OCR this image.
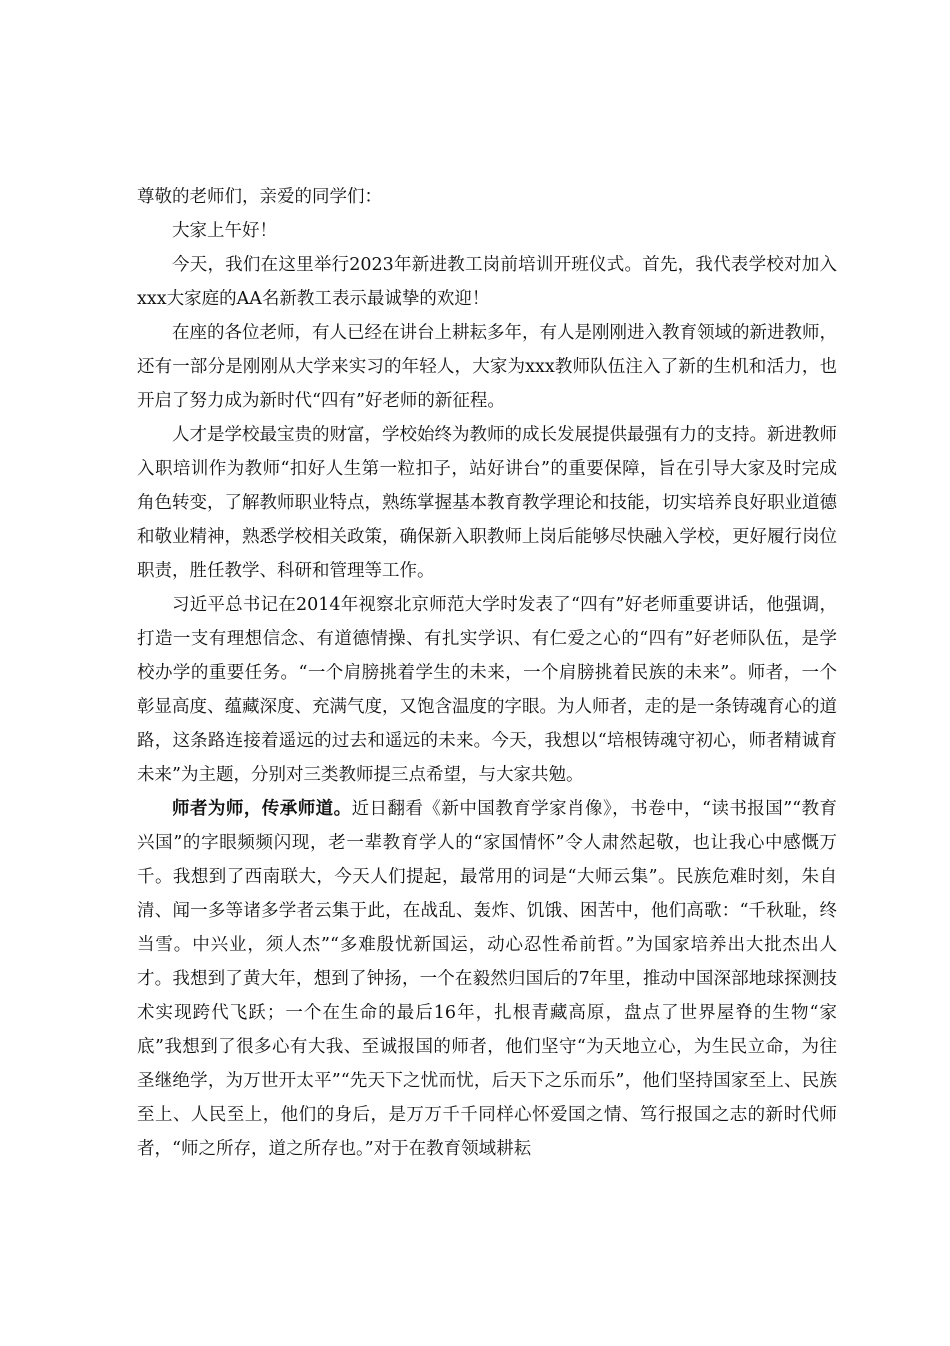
尊敬的老师们，亲爱的同学们：

大家上午好！

今天，我们在这里举行2023年新进教工岗前培训开班仪式。首先，我代表学校对加入xxx大家庭的AA名新教工表示最诚挚的欢迎！

在座的各位老师，有人已经在讲台上耕耘多年，有人是刚刚进入教育领域的新进教师，还有一部分是刚刚从大学来实习的年轻人，大家为xxx教师队伍注入了新的生机和活力，也开启了努力成为新时代“四有”好老师的新征程。

人才是学校最宝贵的财富，学校始终为教师的成长发展提供最强有力的支持。新进教师入职培训作为教师“扣好人生第一粒扣子，站好讲台”的重要保障，旨在引导大家及时完成角色转变，了解教师职业特点，熟练掌握基本教育教学理论和技能，切实培养良好职业道德和敬业精神，熟悉学校相关政策，确保新入职教师上岗后能够尽快融入学校，更好履行岗位职责，胜任教学、科研和管理等工作。

习近平总书记在2014年视察北京师范大学时发表了“四有”好老师重要讲话，他强调，打造一支有理想信念、有道德情操、有扎实学识、有仁爱之心的“四有”好老师队伍，是学校办学的重要任务。“一个肩膀挑着学生的未来，一个肩膀挑着民族的未来”。师者，一个彰显高度、蕴藏深度、充满气度，又饱含温度的字眼。为人师者，走的是一条铸魂育心的道路，这条路连接着遥远的过去和遥远的未来。今天，我想以“培根铸魂守初心，师者精诚育未来”为主题，分别对三类教师提三点希望，与大家共勉。

师者为师，传承师道。近日翻看《新中国教育学家肖像》，书卷中，“读书报国”“教育兴国”的字眼频频闪现，老一辈教育学人的“家国情怀”令人肃然起敬，也让我心中感慨万千。我想到了西南联大，今天人们提起，最常用的词是“大师云集”。民族危难时刻，朱自清、闻一多等诸多学者云集于此，在战乱、轰炸、饥饿、困苦中，他们高歌：“千秋耻，终当雪。中兴业，须人杰”“多难殷忧新国运，动心忍性希前哲。”为国家培养出大批杰出人才。我想到了黄大年，想到了钟扬，一个在毅然归国后的7年里，推动中国深部地球探测技术实现跨代飞跃；一个在生命的最后16年，扎根青藏高原，盘点了世界屋脊的生物“家底”我想到了很多心有大我、至诚报国的师者，他们坚守“为天地立心，为生民立命，为往圣继绝学，为万世开太平”“先天下之忧而忧，后天下之乐而乐”，他们坚持国家至上、民族至上、人民至上，他们的身后，是万万千千同样心怀爱国之情、笃行报国之志的新时代师者，“师之所存，道之所存也。”对于在教育领域耕耘
